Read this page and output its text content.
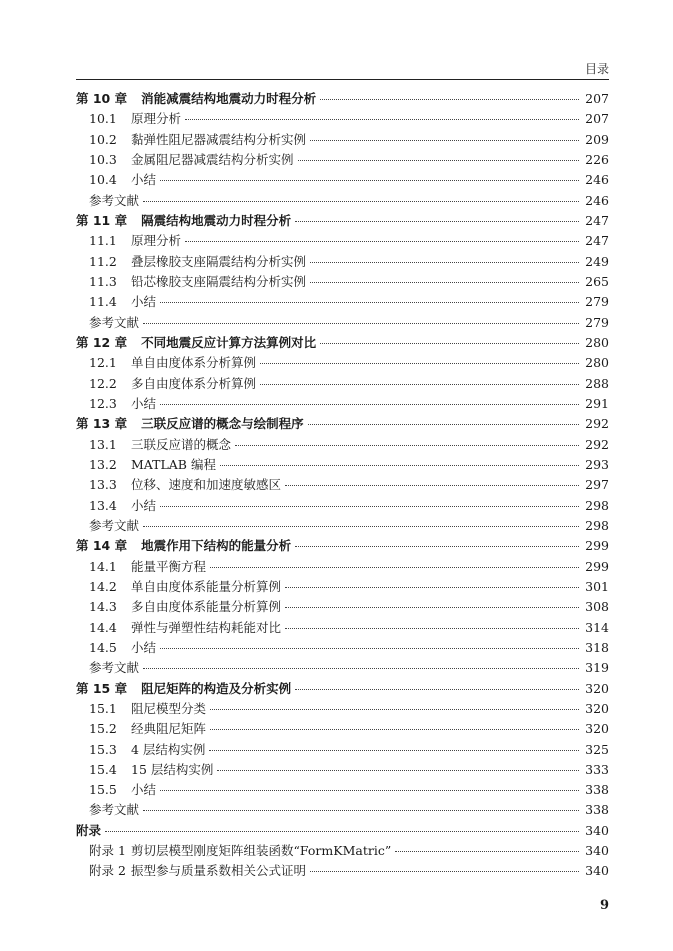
目录
第 10 章 消能减震结构地震动力时程分析	207
10.1	原理分析	207
10.2	黏弹性阻尼器减震结构分析实例	209
10.3	金属阻尼器减震结构分析实例	226
10.4	小结	246
参考文献	246
第 11 章 隔震结构地震动力时程分析	247
11.1	原理分析	247
11.2	叠层橡胶支座隔震结构分析实例	249
11.3	铅芯橡胶支座隔震结构分析实例	265
11.4	小结	279
参考文献	279
第 12 章 不同地震反应计算方法算例对比	280
12.1	单自由度体系分析算例	280
12.2	多自由度体系分析算例	288
12.3	小结	291
第 13 章 三联反应谱的概念与绘制程序	292
13.1	三联反应谱的概念	292
13.2	MATLAB 编程	293
13.3	位移、速度和加速度敏感区	297
13.4	小结	298
参考文献	298
第 14 章 地震作用下结构的能量分析	299
14.1	能量平衡方程	299
14.2	单自由度体系能量分析算例	301
14.3	多自由度体系能量分析算例	308
14.4	弹性与弹塑性结构耗能对比	314
14.5	小结	318
参考文献	319
第 15 章 阻尼矩阵的构造及分析实例	320
15.1	阻尼模型分类	320
15.2	经典阻尼矩阵	320
15.3	4 层结构实例	325
15.4	15 层结构实例	333
15.5	小结	338
参考文献	338
附录	340
附录 1 剪切层模型刚度矩阵组装函数“FormKMatric”	340
附录 2 振型参与质量系数相关公式证明	340
9
